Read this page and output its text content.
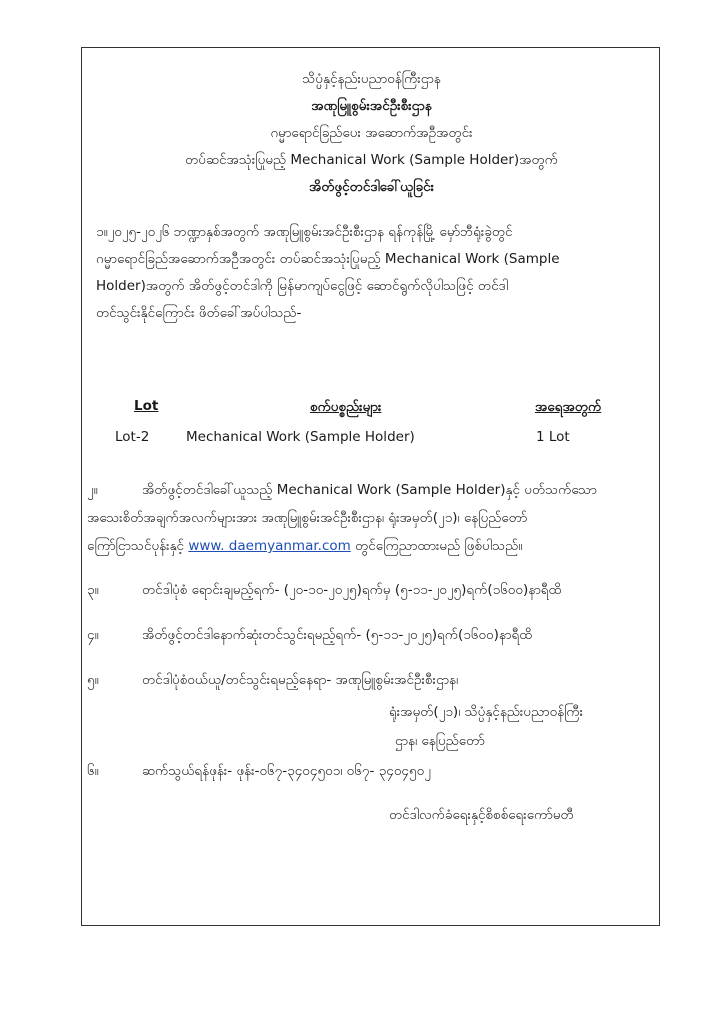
သိပ္ပံနှင့်နည်းပညာဝန်ကြီးဌာန
အဏုမြူစွမ်းအင်ဦးစီးဌာန
ဂမ္မာရောင်ခြည်ပေး အဆောက်အဦအတွင်း
တပ်ဆင်အသုံးပြုမည့် Mechanical Work (Sample Holder)အတွက်
အိတ်ဖွင့်တင်ဒါခေါ်ယူခြင်း
၁။၂၀၂၅-၂၀၂၆ ဘဏ္ဍာနှစ်အတွက် အဏုမြူစွမ်းအင်ဦးစီးဌာန ရန်ကုန်မြို့ မှော်ဘီရုံးခွဲတွင်
ဂမ္မာရောင်ခြည်အဆောက်အဦအတွင်း တပ်ဆင်အသုံးပြုမည့် Mechanical Work (Sample
Holder)အတွက် အိတ်ဖွင့်တင်ဒါကို မြန်မာကျပ်ငွေဖြင့် ဆောင်ရွက်လိုပါသဖြင့် တင်ဒါ
တင်သွင်းနိုင်ကြောင်း ဖိတ်ခေါ်အပ်ပါသည်-
Lot	စက်ပစ္စည်းများ	အရေအတွက်
Lot-2	Mechanical Work (Sample Holder)	1 Lot
၂။	အိတ်ဖွင့်တင်ဒါခေါ်ယူသည့် Mechanical Work (Sample Holder)နှင့် ပတ်သက်သော
အသေးစိတ်အချက်အလက်များအား အဏုမြူစွမ်းအင်ဦးစီးဌာန၊ ရုံးအမှတ်(၂၁)၊ နေပြည်တော်
ကြော်ငြာသင်ပုန်းနှင့် www. daemyanmar.com တွင်ကြေညာထားမည် ဖြစ်ပါသည်။
၃။	တင်ဒါပုံစံ ရောင်းချမည့်ရက်- (၂၀-၁၀-၂၀၂၅)ရက်မှ (၅-၁၁-၂၀၂၅)ရက်(၁၆၀၀)နာရီထိ
၄။	အိတ်ဖွင့်တင်ဒါနောက်ဆုံးတင်သွင်းရမည့်ရက်- (၅-၁၁-၂၀၂၅)ရက်(၁၆၀၀)နာရီထိ
၅။	တင်ဒါပုံစံဝယ်ယူ/တင်သွင်းရမည့်နေရာ- အဏုမြူစွမ်းအင်ဦးစီးဌာန၊
ရုံးအမှတ်(၂၁)၊ သိပ္ပံနှင့်နည်းပညာဝန်ကြီး
ဌာန၊ နေပြည်တော်
၆။	ဆက်သွယ်ရန်ဖုန်း- ဖုန်း-၀၆၇-၃၄၀၄၅၀၁၊ ၀၆၇- ၃၄၀၄၅၀၂
တင်ဒါလက်ခံရေးနှင့်စိစစ်ရေးကော်မတီ
